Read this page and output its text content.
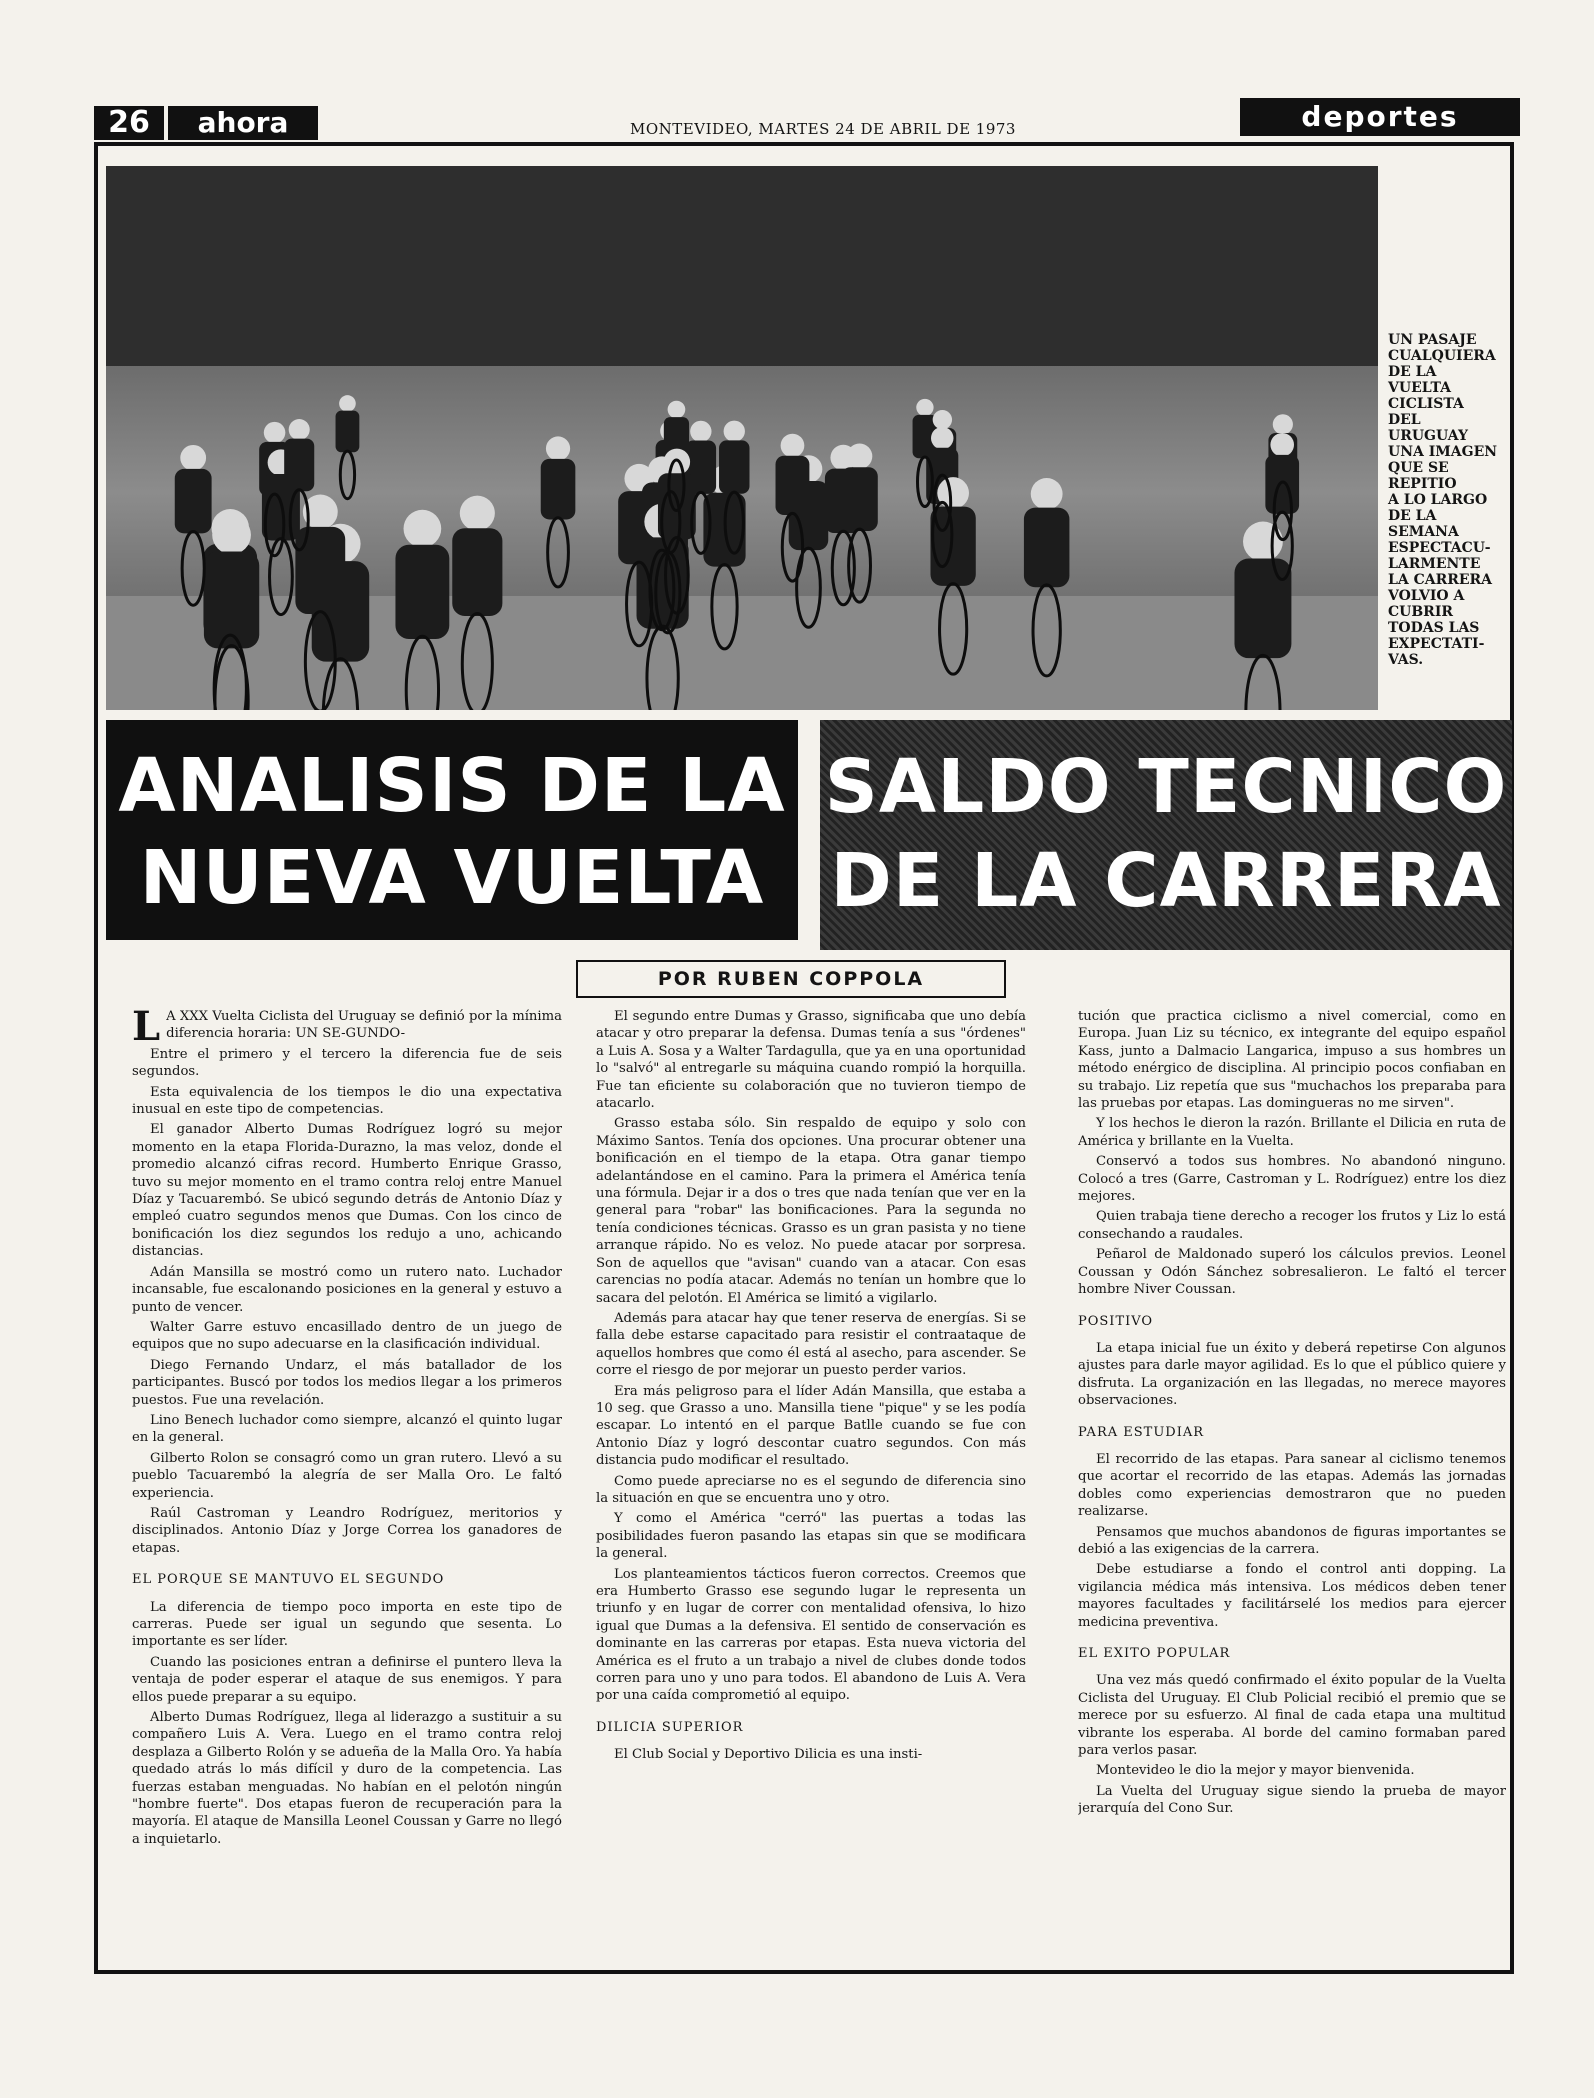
26	ahora	MONTEVIDEO, MARTES 24 DE ABRIL DE 1973	deportes
UN PASAJE
CUALQUIERA
DE LA
VUELTA
CICLISTA
DEL
URUGUAY
UNA IMAGEN
QUE SE
REPITIO
A LO LARGO
DE LA
SEMANA
ESPECTACU-
LARMENTE
LA CARRERA
VOLVIO A
CUBRIR
TODAS LAS
EXPECTATI-
VAS.
ANALISIS DE LA
NUEVA VUELTA
SALDO TECNICO
DE LA CARRERA
POR RUBEN COPPOLA

L A XXX Vuelta Ciclista del Uruguay se definió por la mínima diferencia horaria: UN SE-GUNDO-

Entre el primero y el tercero la diferencia fue de seis segundos.

Esta equivalencia de los tiempos le dio una expectativa inusual en este tipo de competencias.

El ganador Alberto Dumas Rodríguez logró su mejor momento en la etapa Florida-Durazno, la mas veloz, donde el promedio alcanzó cifras record. Humberto Enrique Grasso, tuvo su mejor momento en el tramo contra reloj entre Manuel Díaz y Tacuarembó. Se ubicó segundo detrás de Antonio Díaz y empleó cuatro segundos menos que Dumas. Con los cinco de bonificación los diez segundos los redujo a uno, achicando distancias.

Adán Mansilla se mostró como un rutero nato. Luchador incansable, fue escalonando posiciones en la general y estuvo a punto de vencer.

Walter Garre estuvo encasillado dentro de un juego de equipos que no supo adecuarse en la clasificación individual.

Diego Fernando Undarz, el más batallador de los participantes. Buscó por todos los medios llegar a los primeros puestos. Fue una revelación.

Lino Benech luchador como siempre, alcanzó el quinto lugar en la general.

Gilberto Rolon se consagró como un gran rutero. Llevó a su pueblo Tacuarembó la alegría de ser Malla Oro. Le faltó experiencia.

Raúl Castroman y Leandro Rodríguez, meritorios y disciplinados. Antonio Díaz y Jorge Correa los ganadores de etapas.

EL PORQUE SE MANTUVO EL SEGUNDO

La diferencia de tiempo poco importa en este tipo de carreras. Puede ser igual un segundo que sesenta. Lo importante es ser líder.

Cuando las posiciones entran a definirse el puntero lleva la ventaja de poder esperar el ataque de sus enemigos. Y para ellos puede preparar a su equipo.

Alberto Dumas Rodríguez, llega al liderazgo a sustituir a su compañero Luis A. Vera. Luego en el tramo contra reloj desplaza a Gilberto Rolón y se adueña de la Malla Oro. Ya había quedado atrás lo más difícil y duro de la competencia. Las fuerzas estaban menguadas. No habían en el pelotón ningún "hombre fuerte". Dos etapas fueron de recuperación para la mayoría. El ataque de Mansilla Leonel Coussan y Garre no llegó a inquietarlo.

El segundo entre Dumas y Grasso, significaba que uno debía atacar y otro preparar la defensa. Dumas tenía a sus "órdenes" a Luis A. Sosa y a Walter Tardagulla, que ya en una oportunidad lo "salvó" al entregarle su máquina cuando rompió la horquilla. Fue tan eficiente su colaboración que no tuvieron tiempo de atacarlo.

Grasso estaba sólo. Sin respaldo de equipo y solo con Máximo Santos. Tenía dos opciones. Una procurar obtener una bonificación en el tiempo de la etapa. Otra ganar tiempo adelantándose en el camino. Para la primera el América tenía una fórmula. Dejar ir a dos o tres que nada tenían que ver en la general para "robar" las bonificaciones. Para la segunda no tenía condiciones técnicas. Grasso es un gran pasista y no tiene arranque rápido. No es veloz. No puede atacar por sorpresa. Son de aquellos que "avisan" cuando van a atacar. Con esas carencias no podía atacar. Además no tenían un hombre que lo sacara del pelotón. El América se limitó a vigilarlo.

Además para atacar hay que tener reserva de energías. Si se falla debe estarse capacitado para resistir el contraataque de aquellos hombres que como él está al asecho, para ascender. Se corre el riesgo de por mejorar un puesto perder varios.

Era más peligroso para el líder Adán Mansilla, que estaba a 10 seg. que Grasso a uno. Mansilla tiene "pique" y se les podía escapar. Lo intentó en el parque Batlle cuando se fue con Antonio Díaz y logró descontar cuatro segundos. Con más distancia pudo modificar el resultado.

Como puede apreciarse no es el segundo de diferencia sino la situación en que se encuentra uno y otro.

Y como el América "cerró" las puertas a todas las posibilidades fueron pasando las etapas sin que se modificara la general.

Los planteamientos tácticos fueron correctos. Creemos que era Humberto Grasso ese segundo lugar le representa un triunfo y en lugar de correr con mentalidad ofensiva, lo hizo igual que Dumas a la defensiva. El sentido de conservación es dominante en las carreras por etapas. Esta nueva victoria del América es el fruto a un trabajo a nivel de clubes donde todos corren para uno y uno para todos. El abandono de Luis A. Vera por una caída comprometió al equipo.

DILICIA SUPERIOR

El Club Social y Deportivo Dilicia es una insti-

tución que practica ciclismo a nivel comercial, como en Europa. Juan Liz su técnico, ex integrante del equipo español Kass, junto a Dalmacio Langarica, impuso a sus hombres un método enérgico de disciplina. Al principio pocos confiaban en su trabajo. Liz repetía que sus "muchachos los preparaba para las pruebas por etapas. Las domingueras no me sirven".

Y los hechos le dieron la razón. Brillante el Dilicia en ruta de América y brillante en la Vuelta.

Conservó a todos sus hombres. No abandonó ninguno. Colocó a tres (Garre, Castroman y L. Rodríguez) entre los diez mejores.

Quien trabaja tiene derecho a recoger los frutos y Liz lo está consechando a raudales.

Peñarol de Maldonado superó los cálculos previos. Leonel Coussan y Odón Sánchez sobresalieron. Le faltó el tercer hombre Niver Coussan.

POSITIVO

La etapa inicial fue un éxito y deberá repetirse Con algunos ajustes para darle mayor agilidad. Es lo que el público quiere y disfruta. La organización en las llegadas, no merece mayores observaciones.

PARA ESTUDIAR

El recorrido de las etapas. Para sanear al ciclismo tenemos que acortar el recorrido de las etapas. Además las jornadas dobles como experiencias demostraron que no pueden realizarse.

Pensamos que muchos abandonos de figuras importantes se debió a las exigencias de la carrera.

Debe estudiarse a fondo el control anti dopping. La vigilancia médica más intensiva. Los médicos deben tener mayores facultades y facilitárselé los medios para ejercer medicina preventiva.

EL EXITO POPULAR

Una vez más quedó confirmado el éxito popular de la Vuelta Ciclista del Uruguay. El Club Policial recibió el premio que se merece por su esfuerzo. Al final de cada etapa una multitud vibrante los esperaba. Al borde del camino formaban pared para verlos pasar.

Montevideo le dio la mejor y mayor bienvenida.

La Vuelta del Uruguay sigue siendo la prueba de mayor jerarquía del Cono Sur.
